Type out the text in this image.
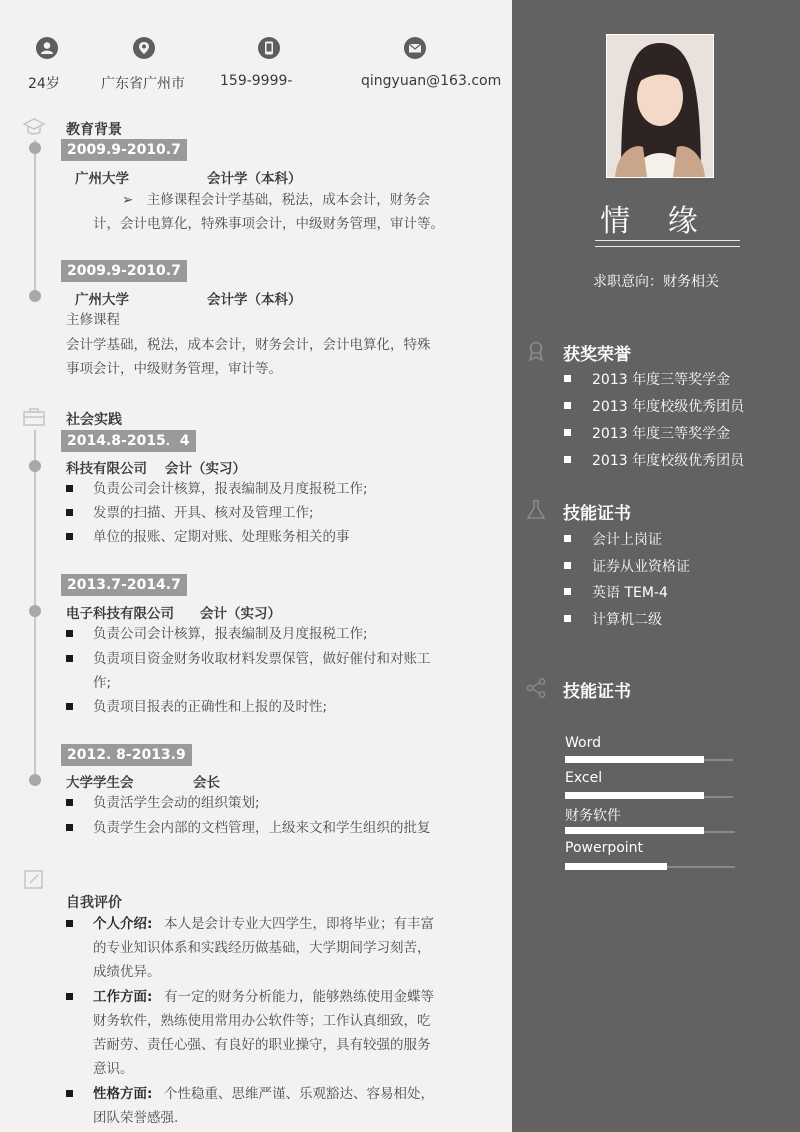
24岁	广东省广州市	159-9999-	qingyuan@163.com
教育背景
2009.9-2010.7
广州大学	会计学（本科）
➢　主修课程会计学基础，税法，成本会计，财务会
计，会计电算化，特殊事项会计，中级财务管理，审计等。
2009.9-2010.7
广州大学	会计学（本科）
主修课程
会计学基础，税法，成本会计，财务会计，会计电算化，特殊
事项会计，中级财务管理，审计等。
社会实践
2014.8-2015．4
科技有限公司 会计（实习）
负责公司会计核算，报表编制及月度报税工作;
发票的扫描、开具、核对及管理工作;
单位的报账、定期对账、处理账务相关的事
2013.7-2014.7
电子科技有限公司 会计（实习）
负责公司会计核算，报表编制及月度报税工作;
负责项目资金财务收取材料发票保管，做好催付和对账工
作;
负责项目报表的正确性和上报的及时性;
2012. 8-2013.9
大学学生会	会长
负责活学生会动的组织策划;
负责学生会内部的文档管理，上级来文和学生组织的批复
自我评价
个人介绍: 本人是会计专业大四学生，即将毕业；有丰富
的专业知识体系和实践经历做基础，大学期间学习刻苦，
成绩优异。
工作方面: 有一定的财务分析能力，能够熟练使用金蝶等
财务软件，熟练使用常用办公软件等；工作认真细致，吃
苦耐劳、责任心强、有良好的职业操守，具有较强的服务
意识。
性格方面: 个性稳重、思维严谨、乐观豁达、容易相处，
团队荣誉感强.
情 缘
求职意向：财务相关
获奖荣誉
2013 年度三等奖学金
2013 年度校级优秀团员
2013 年度三等奖学金
2013 年度校级优秀团员
技能证书
会计上岗证
证券从业资格证
英语 TEM-4
计算机二级
技能证书
Word
Excel
财务软件
Powerpoint
